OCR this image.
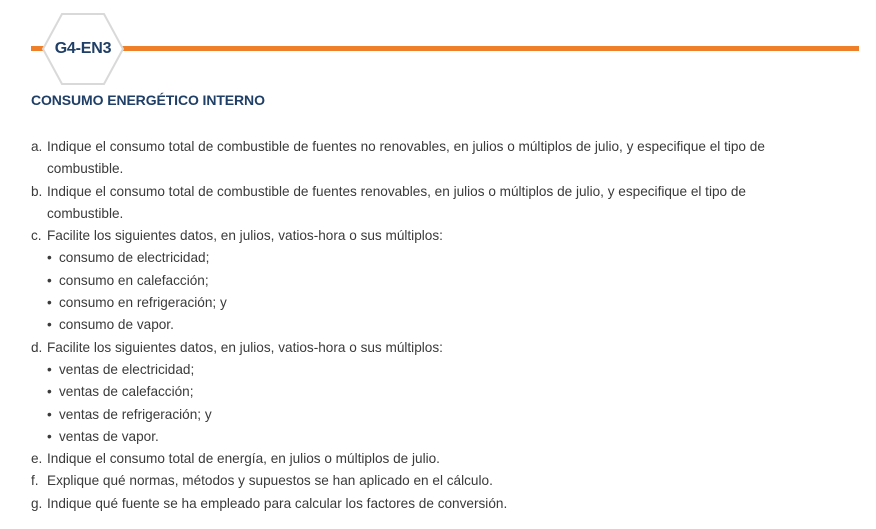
G4-EN3
CONSUMO ENERGÉTICO INTERNO
a. Indique el consumo total de combustible de fuentes no renovables, en julios o múltiplos de julio, y especifique el tipo de
combustible.
b. Indique el consumo total de combustible de fuentes renovables, en julios o múltiplos de julio, y especifique el tipo de
combustible.
c. Facilite los siguientes datos, en julios, vatios-hora o sus múltiplos:
• consumo de electricidad;
• consumo en calefacción;
• consumo en refrigeración; y
• consumo de vapor.
d. Facilite los siguientes datos, en julios, vatios-hora o sus múltiplos:
• ventas de electricidad;
• ventas de calefacción;
• ventas de refrigeración; y
• ventas de vapor.
e. Indique el consumo total de energía, en julios o múltiplos de julio.
f. Explique qué normas, métodos y supuestos se han aplicado en el cálculo.
g. Indique qué fuente se ha empleado para calcular los factores de conversión.
